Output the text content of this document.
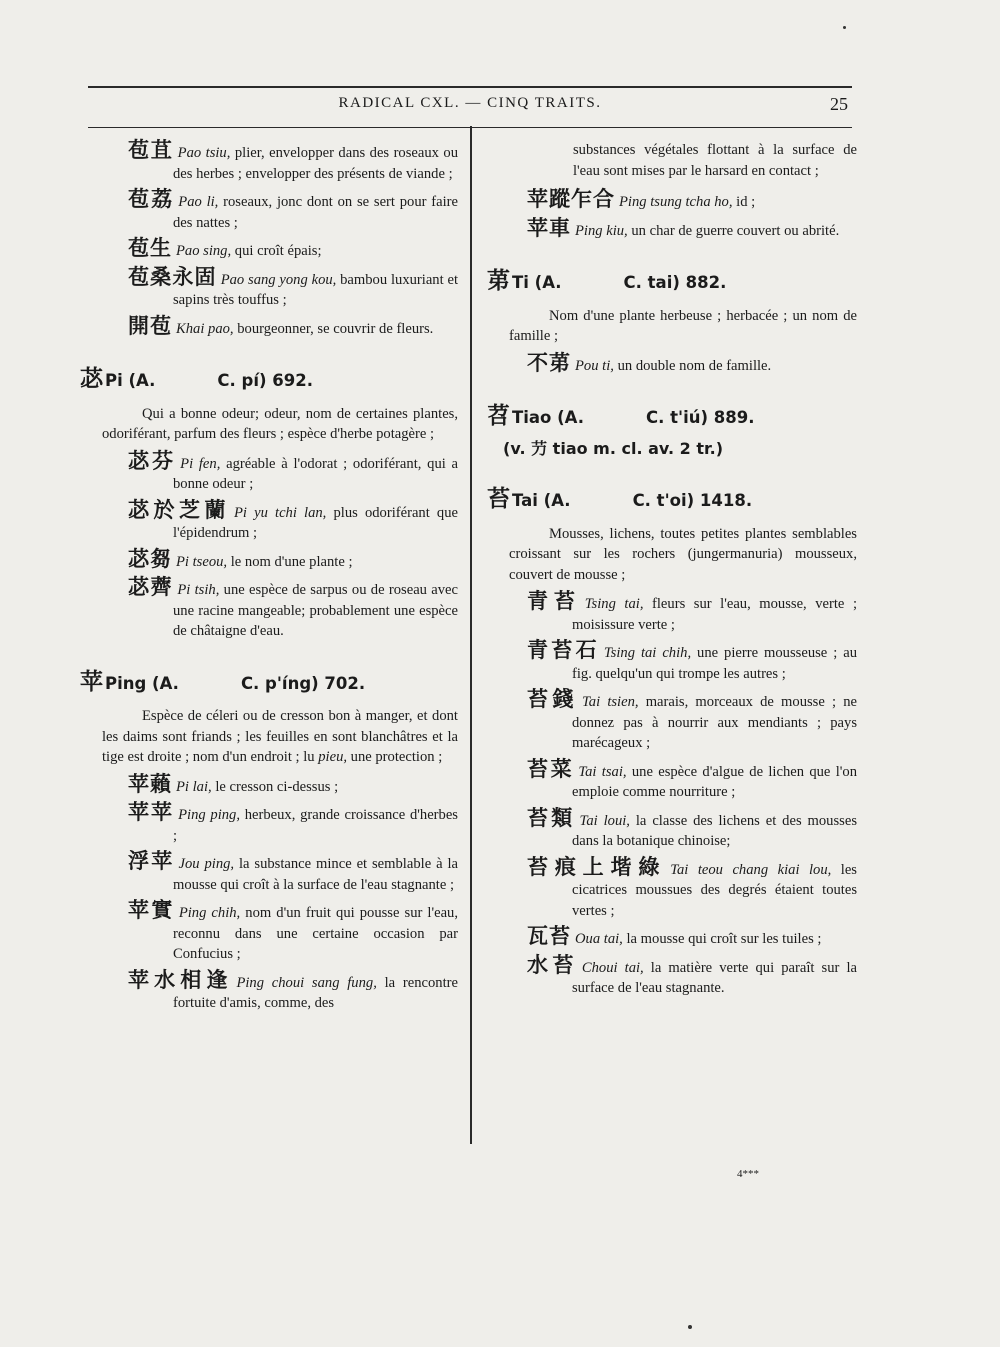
RADICAL CXL. — CINQ TRAITS.	25

苞苴 Pao tsiu, plier, envelopper dans des roseaux ou des herbes ; envelopper des présents de viande ;

苞荔 Pao li, roseaux, jonc dont on se sert pour faire des nattes ;

苞生 Pao sing, qui croît épais;

苞桑永固 Pao sang yong kou, bambou luxuriant et sapins très touffus ;

開苞 Khai pao, bourgeonner, se couvrir de fleurs.

苾 Pi (A.	C. pí) 692.

Qui a bonne odeur; odeur, nom de certaines plantes, odoriférant, parfum des fleurs ; espèce d'herbe potagère ;

苾芬 Pi fen, agréable à l'odorat ; odoriférant, qui a bonne odeur ;

苾於芝蘭 Pi yu tchi lan, plus odoriférant que l'épidendrum ;

苾芻 Pi tseou, le nom d'une plante ;

苾薺 Pi tsih, une espèce de sarpus ou de roseau avec une racine mangeable; probablement une espèce de châtaigne d'eau.

苹 Ping (A.	C. p'íng) 702.

Espèce de céleri ou de cresson bon à manger, et dont les daims sont friands ; les feuilles en sont blanchâtres et la tige est droite ; nom d'un endroit ; lu pieu, une protection ;

苹藾 Pi lai, le cresson ci-dessus ;

苹苹 Ping ping, herbeux, grande croissance d'herbes ;

浮苹 Jou ping, la substance mince et semblable à la mousse qui croît à la surface de l'eau stagnante ;

苹實 Ping chih, nom d'un fruit qui pousse sur l'eau, reconnu dans une certaine occasion par Confucius ;

苹水相逢 Ping choui sang fung, la rencontre fortuite d'amis, comme, des

substances végétales flottant à la surface de l'eau sont mises par le harsard en contact ;

苹蹤乍合 Ping tsung tcha ho, id ;

苹車 Ping kiu, un char de guerre couvert ou abrité.

苐 Ti (A.	C. tai) 882.

Nom d'une plante herbeuse ; herbacée ; un nom de famille ;

不苐 Pou ti, un double nom de famille.

苕 Tiao (A.	C. t'iú) 889.
(v. 芀 tiao m. cl. av. 2 tr.)
苔 Tai (A.	C. t'oi) 1418.

Mousses, lichens, toutes petites plantes semblables croissant sur les rochers (jungermanuria) mousseux, couvert de mousse ;

青苔 Tsing tai, fleurs sur l'eau, mousse, verte ; moisissure verte ;

青苔石 Tsing tai chih, une pierre mousseuse ; au fig. quelqu'un qui trompe les autres ;

苔錢 Tai tsien, marais, morceaux de mousse ; ne donnez pas à nourrir aux mendiants ; pays marécageux ;

苔菜 Tai tsai, une espèce d'algue de lichen que l'on emploie comme nourriture ;

苔類 Tai loui, la classe des lichens et des mousses dans la botanique chinoise;

苔痕上堦綠 Tai teou chang kiai lou, les cicatrices moussues des degrés étaient toutes vertes ;

瓦苔 Oua tai, la mousse qui croît sur les tuiles ;

水苔 Choui tai, la matière verte qui paraît sur la surface de l'eau stagnante.

4***
